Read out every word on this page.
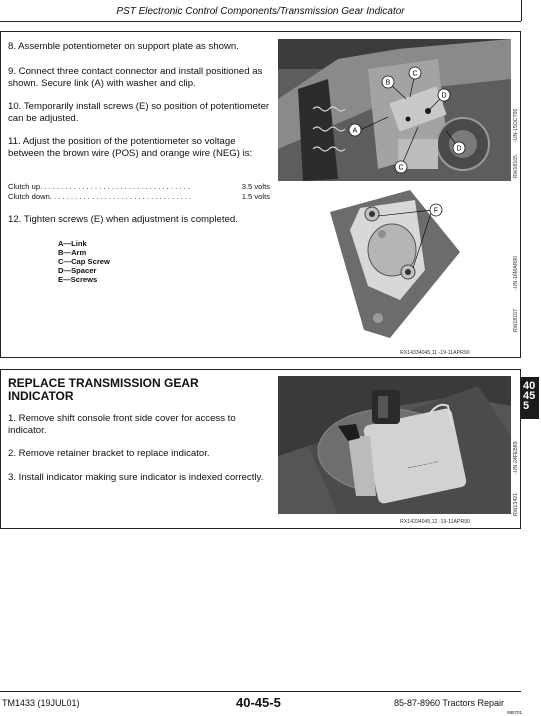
PST Electronic Control Components/Transmission Gear Indicator
8. Assemble potentiometer on support plate as shown.
9. Connect three contact connector and install positioned as shown. Secure link (A) with washer and clip.
10. Temporarily install screws (E) so position of potentiometer can be adjusted.
11. Adjust the position of the potentiometer so voltage between the brown wire (POS) and orange wire (NEG) is:
Clutch up . . . . . . . . . . . . . . . . . . . . . . . . . . . . . . . . . . . .	3.5 volts
Clutch down . . . . . . . . . . . . . . . . . . . . . . . . . . . . . . . . . .	1.5 volts
12. Tighten screws (E) when adjustment is completed.
A—Link
B—Arm
C—Cap Screw
D—Spacer
E—Screws
A
B
C
D
D
C
-UN-15OCT90
RW18165
F
-UN-16MAR90
RW18167
RX1433404​5,11 -19-11APR90
REPLACE TRANSMISSION GEAR INDICATOR
1. Remove shift console front side cover for access to indicator.
2. Remove retainer bracket to replace indicator.
3. Install indicator making sure indicator is indexed correctly.
~~~~~~	-UN-24FEB89
RW13421
RX1433404​5,12 -19-11APR90
40
45
5
TM1433 (19JUL01)	40-45-5	85-87-8960 Tractors Repair
080701
